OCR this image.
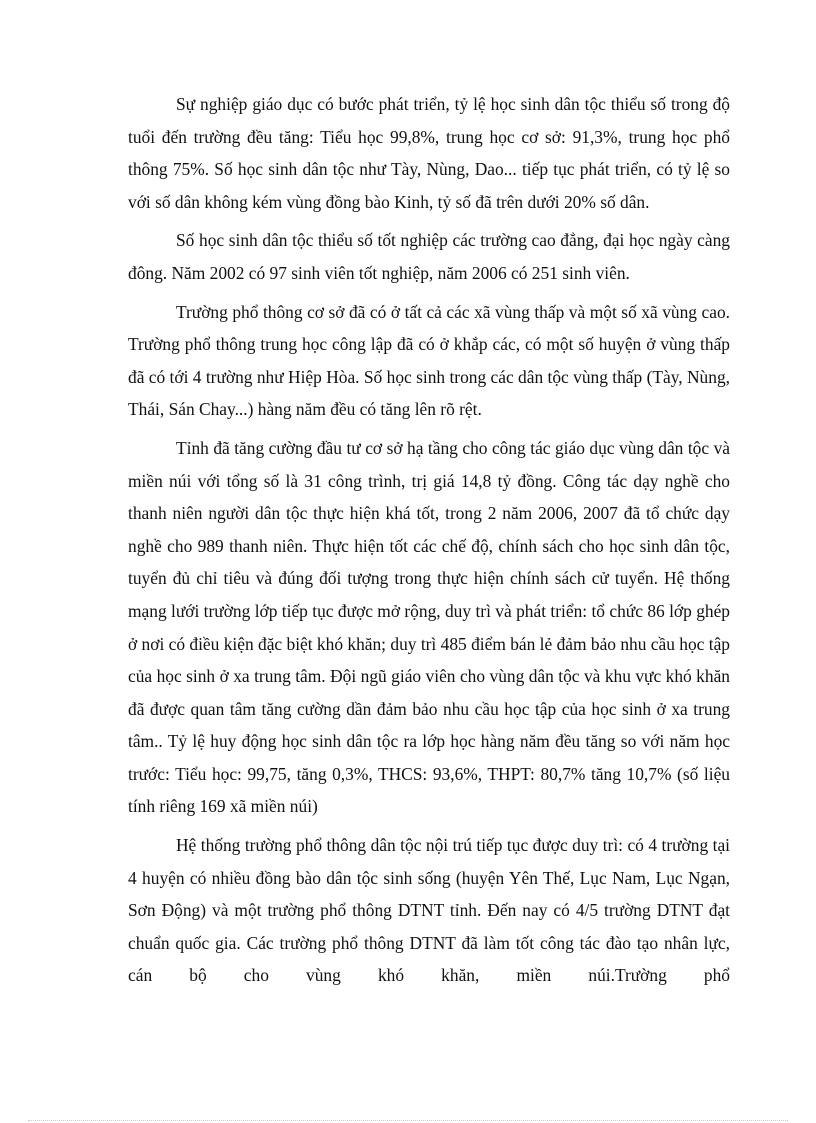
Sự nghiệp giáo dục có bước phát triển, tỷ lệ học sinh dân tộc thiểu số trong độ tuổi đến trường đều tăng: Tiểu học 99,8%, trung học cơ sở: 91,3%, trung học phổ thông 75%. Số học sinh dân tộc như Tày, Nùng, Dao... tiếp tục phát triển, có tỷ lệ so với số dân không kém vùng đồng bào Kinh, tỷ số đã trên dưới 20% số dân.

Số học sinh dân tộc thiểu số tốt nghiệp các trường cao đẳng, đại học ngày càng đông. Năm 2002 có 97 sinh viên tốt nghiệp, năm 2006 có 251 sinh viên.

Trường phổ thông cơ sở đã có ở tất cả các xã vùng thấp và một số xã vùng cao. Trường phổ thông trung học công lập đã có ở khắp các, có một số huyện ở vùng thấp đã có tới 4 trường như Hiệp Hòa. Số học sinh trong các dân tộc vùng thấp (Tày, Nùng, Thái, Sán Chay...) hàng năm đều có tăng lên rõ rệt.

Tỉnh đã tăng cường đầu tư cơ sở hạ tầng cho công tác giáo dục vùng dân tộc và miền núi với tổng số là 31 công trình, trị giá 14,8 tỷ đồng. Công tác dạy nghề cho thanh niên người dân tộc thực hiện khá tốt, trong 2 năm 2006, 2007 đã tổ chức dạy nghề cho 989 thanh niên. Thực hiện tốt các chế độ, chính sách cho học sinh dân tộc, tuyển đủ chỉ tiêu và đúng đối tượng trong thực hiện chính sách cử tuyển. Hệ thống mạng lưới trường lớp tiếp tục được mở rộng, duy trì và phát triển: tổ chức 86 lớp ghép ở nơi có điều kiện đặc biệt khó khăn; duy trì 485 điểm bán lẻ đảm bảo nhu cầu học tập của học sinh ở xa trung tâm. Đội ngũ giáo viên cho vùng dân tộc và khu vực khó khăn đã được quan tâm tăng cường dần đảm bảo nhu cầu học tập của học sinh ở xa trung tâm.. Tỷ lệ huy động học sinh dân tộc ra lớp học hàng năm đều tăng so với năm học trước: Tiểu học: 99,75, tăng 0,3%, THCS: 93,6%, THPT: 80,7% tăng 10,7% (số liệu tính riêng 169 xã miền núi)

Hệ thống trường phổ thông dân tộc nội trú tiếp tục được duy trì: có 4 trường tại 4 huyện có nhiều đồng bào dân tộc sinh sống (huyện Yên Thế, Lục Nam, Lục Ngạn, Sơn Động) và một trường phổ thông DTNT tỉnh. Đến nay có 4/5 trường DTNT đạt chuẩn quốc gia. Các trường phổ thông DTNT đã làm tốt công tác đào tạo nhân lực, cán bộ cho vùng khó khăn, miền núi.Trường phổ
